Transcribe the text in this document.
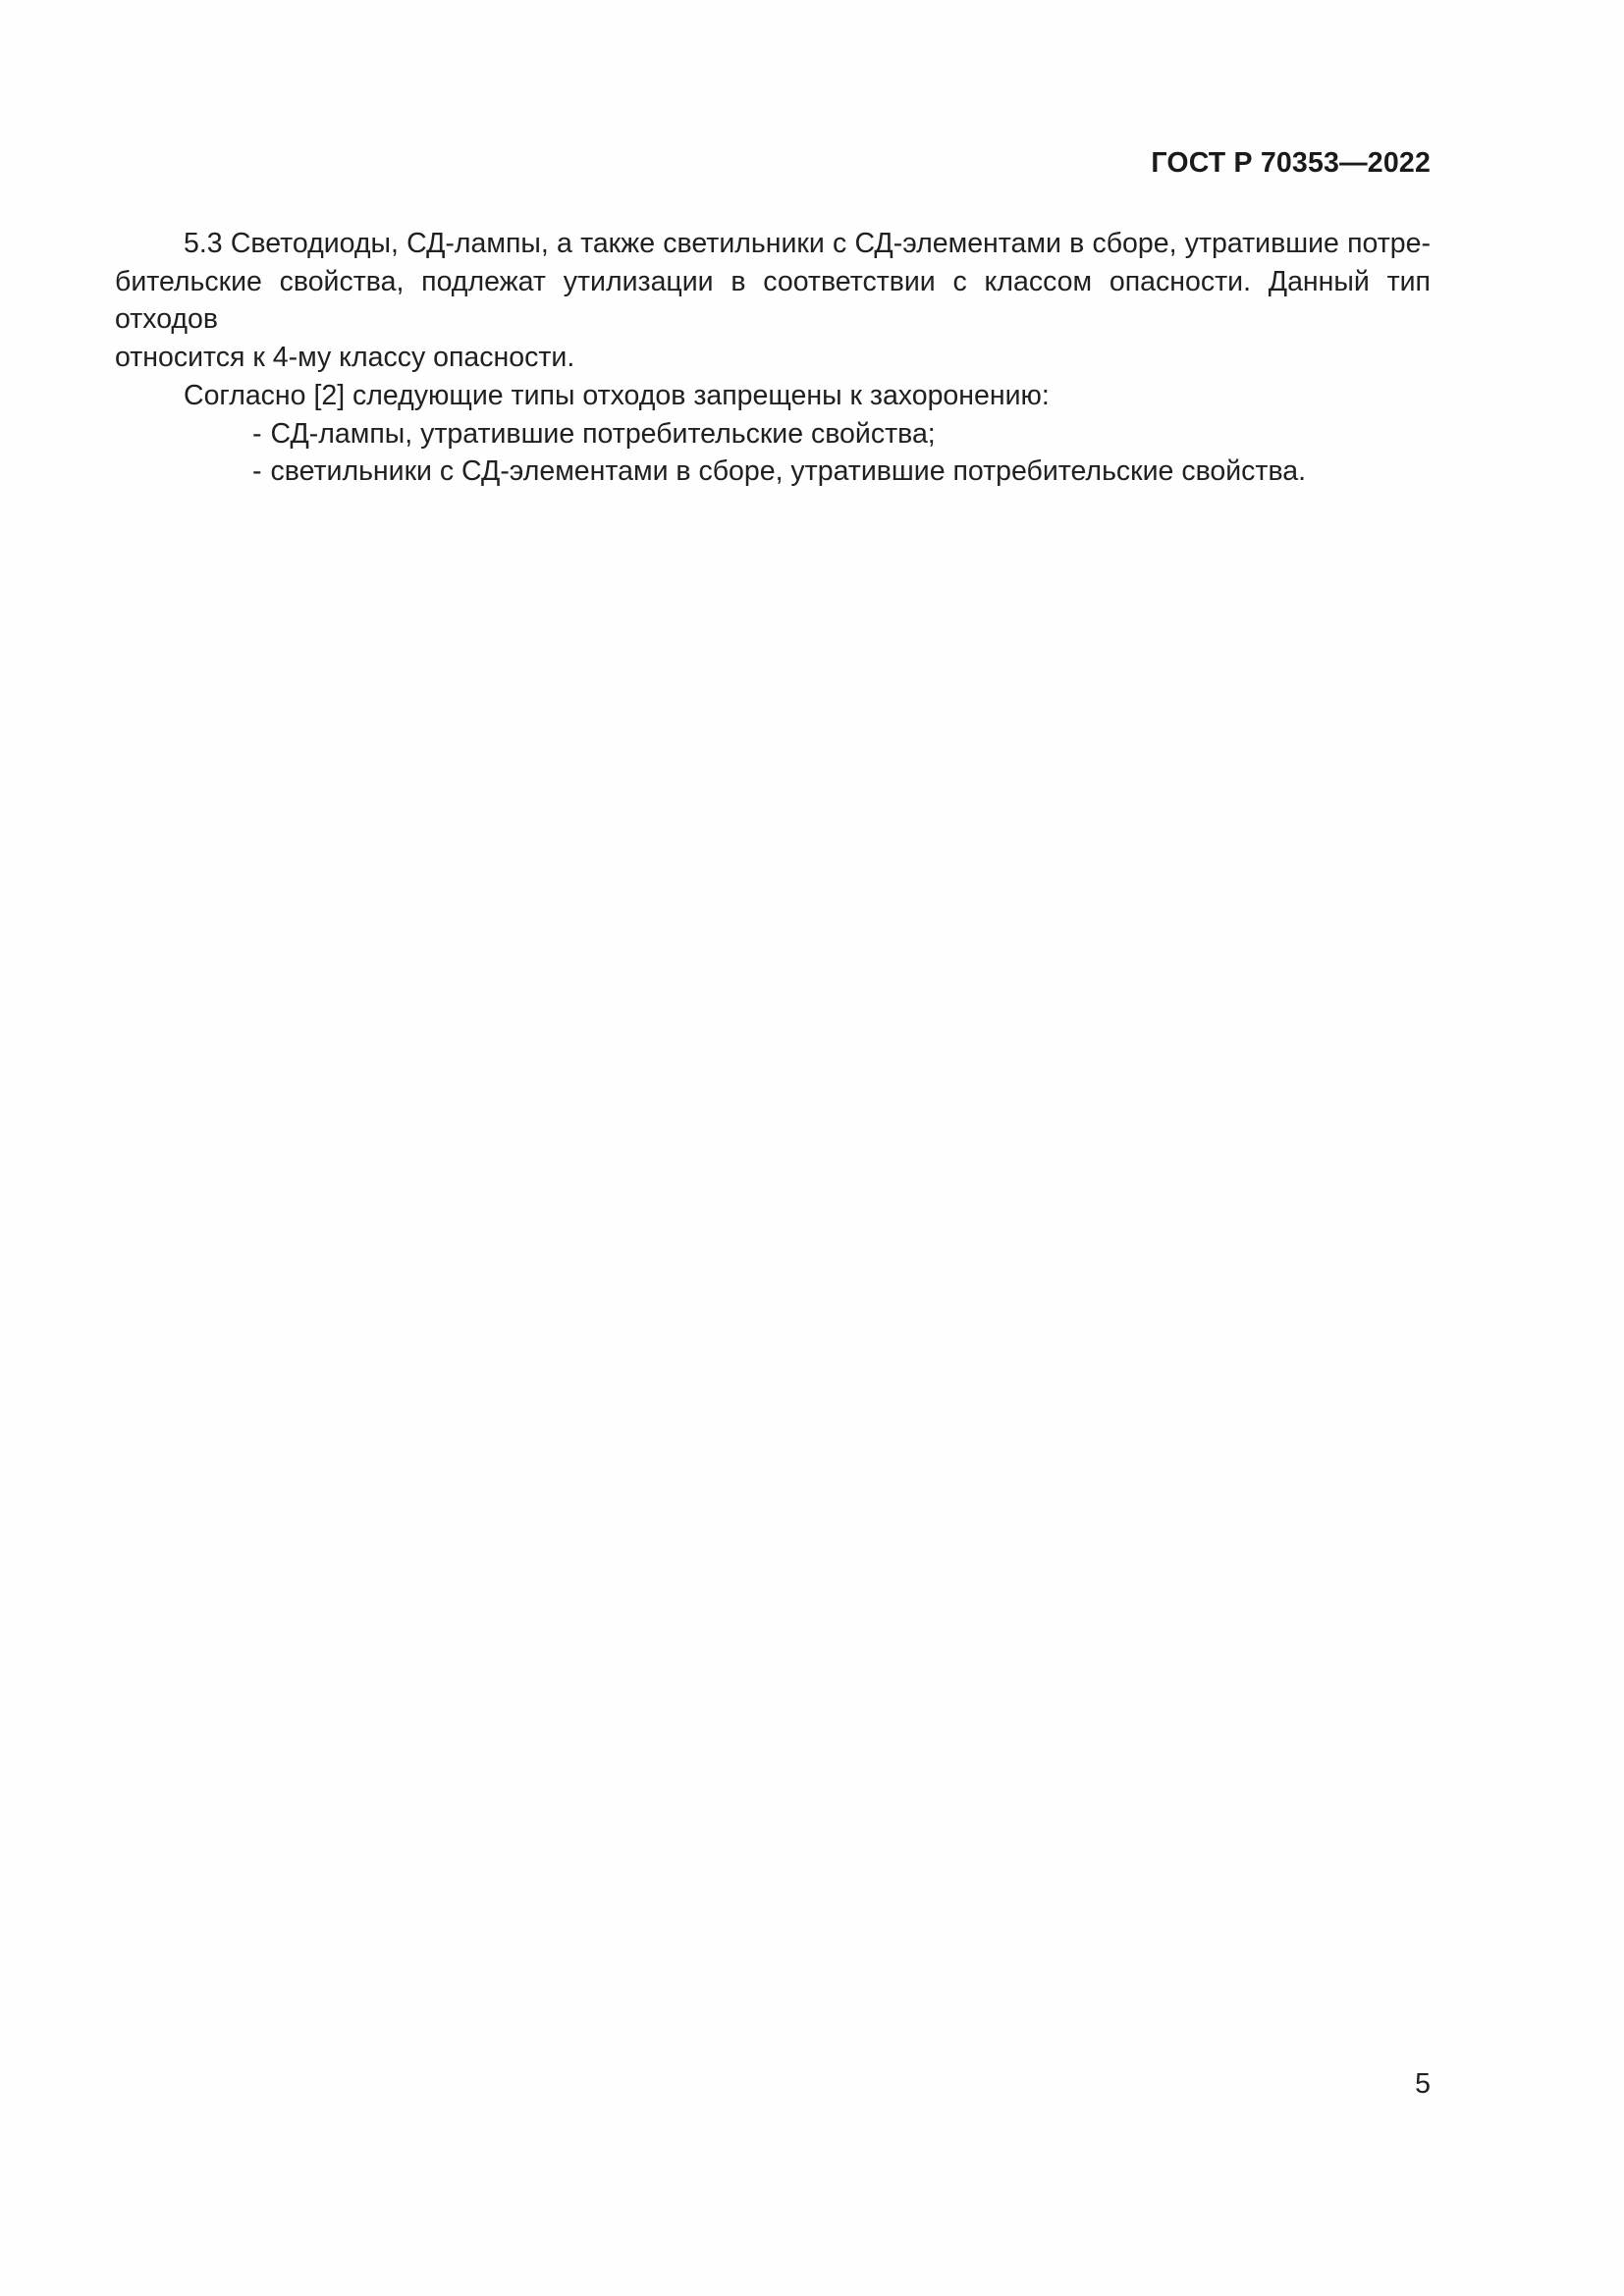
ГОСТ Р 70353—2022
5.3 Светодиоды, СД-лампы, а также светильники с СД-элементами в сборе, утратившие потре-
бительские свойства, подлежат утилизации в соответствии с классом опасности. Данный тип отходов
относится к 4-му классу опасности.
Согласно [2] следующие типы отходов запрещены к захоронению:
- СД-лампы, утратившие потребительские свойства;
- светильники с СД-элементами в сборе, утратившие потребительские свойства.
5
